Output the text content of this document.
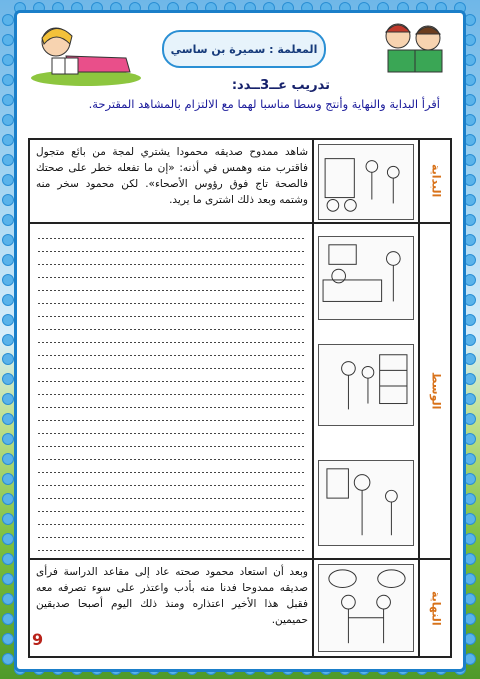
المعلمة : سميرة بن ساسي
تدريب عــ3ــدد:
أقرأ البداية والنهاية وأنتج وسطا مناسبا لهما مع الالتزام بالمشاهد المقترحة.
البداية
الوسط
النهاية
شاهد ممدوح صديقه محمودا يشتري لمجة من بائع متجول فاقترب منه وهمس في أذنه: «إن ما تفعله خطر على صحتك فالصحة تاج فوق رؤوس الأصحاء». لكن محمود سخر منه وشتمه وبعد ذلك اشترى ما يريد.
وبعد أن استعاد محمود صحته عاد إلى مقاعد الدراسة فرأى صديقه ممدوحا فدنا منه بأدب واعتذر على سوء تصرفه معه فقبل هذا الأخير اعتذاره ومنذ ذلك اليوم أصبحا صديقين حميمين.
9
